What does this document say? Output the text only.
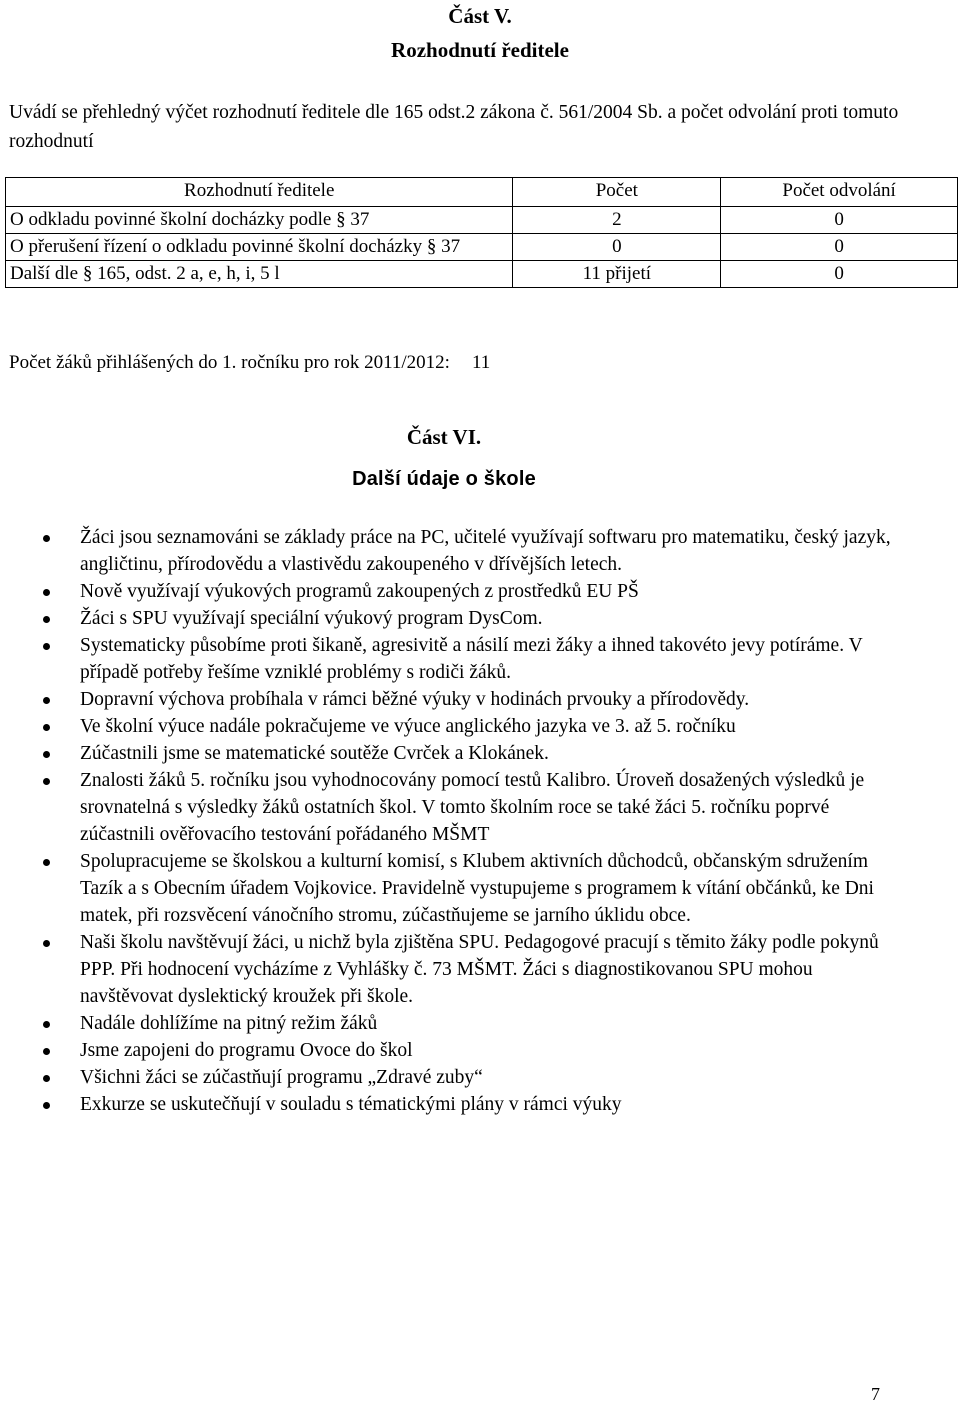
Část V.
Rozhodnutí ředitele
Uvádí se přehledný výčet rozhodnutí ředitele dle 165 odst.2 zákona č. 561/2004 Sb. a počet odvolání proti tomuto rozhodnutí
Rozhodnutí ředitele	Počet	Počet odvolání
O odkladu povinné školní docházky podle § 37	2	0
O přerušení řízení o odkladu povinné školní docházky § 37	0	0
Další dle § 165, odst. 2 a, e, h, i, 5 l	11 přijetí	0
Počet žáků přihlášených do 1. ročníku pro rok 2011/2012: 11
Část VI.
Další údaje o škole
Žáci jsou seznamováni se základy práce na PC, učitelé využívají softwaru pro matematiku, český jazyk, angličtinu, přírodovědu a vlastivědu zakoupeného v dřívějších letech.
Nově využívají výukových programů zakoupených z prostředků EU PŠ
Žáci s SPU využívají speciální výukový program DysCom.
Systematicky působíme proti šikaně, agresivitě a násilí mezi žáky a ihned takovéto jevy potíráme. V případě potřeby řešíme vzniklé problémy s rodiči žáků.
Dopravní výchova probíhala v rámci běžné výuky v hodinách prvouky a přírodovědy.
Ve školní výuce nadále pokračujeme ve výuce anglického jazyka ve 3. až 5. ročníku
Zúčastnili jsme se matematické soutěže Cvrček a Klokánek.
Znalosti žáků 5. ročníku jsou vyhodnocovány pomocí testů Kalibro. Úroveň dosažených výsledků je srovnatelná s výsledky žáků ostatních škol. V tomto školním roce se také žáci 5. ročníku poprvé zúčastnili ověřovacího testování pořádaného MŠMT
Spolupracujeme se školskou a kulturní komisí, s Klubem aktivních důchodců, občanským sdružením Tazík a s Obecním úřadem Vojkovice. Pravidelně vystupujeme s programem k vítání občánků, ke Dni matek, při rozsvěcení vánočního stromu, zúčastňujeme se jarního úklidu obce.
Naši školu navštěvují žáci, u nichž byla zjištěna SPU. Pedagogové pracují s těmito žáky podle pokynů PPP. Při hodnocení vycházíme z Vyhlášky č. 73 MŠMT. Žáci s diagnostikovanou SPU mohou navštěvovat dyslektický kroužek při škole.
Nadále dohlížíme na pitný režim žáků
Jsme zapojeni do programu Ovoce do škol
Všichni žáci se zúčastňují programu „Zdravé zuby“
Exkurze se uskutečňují v souladu s tématickými plány v rámci výuky
7
